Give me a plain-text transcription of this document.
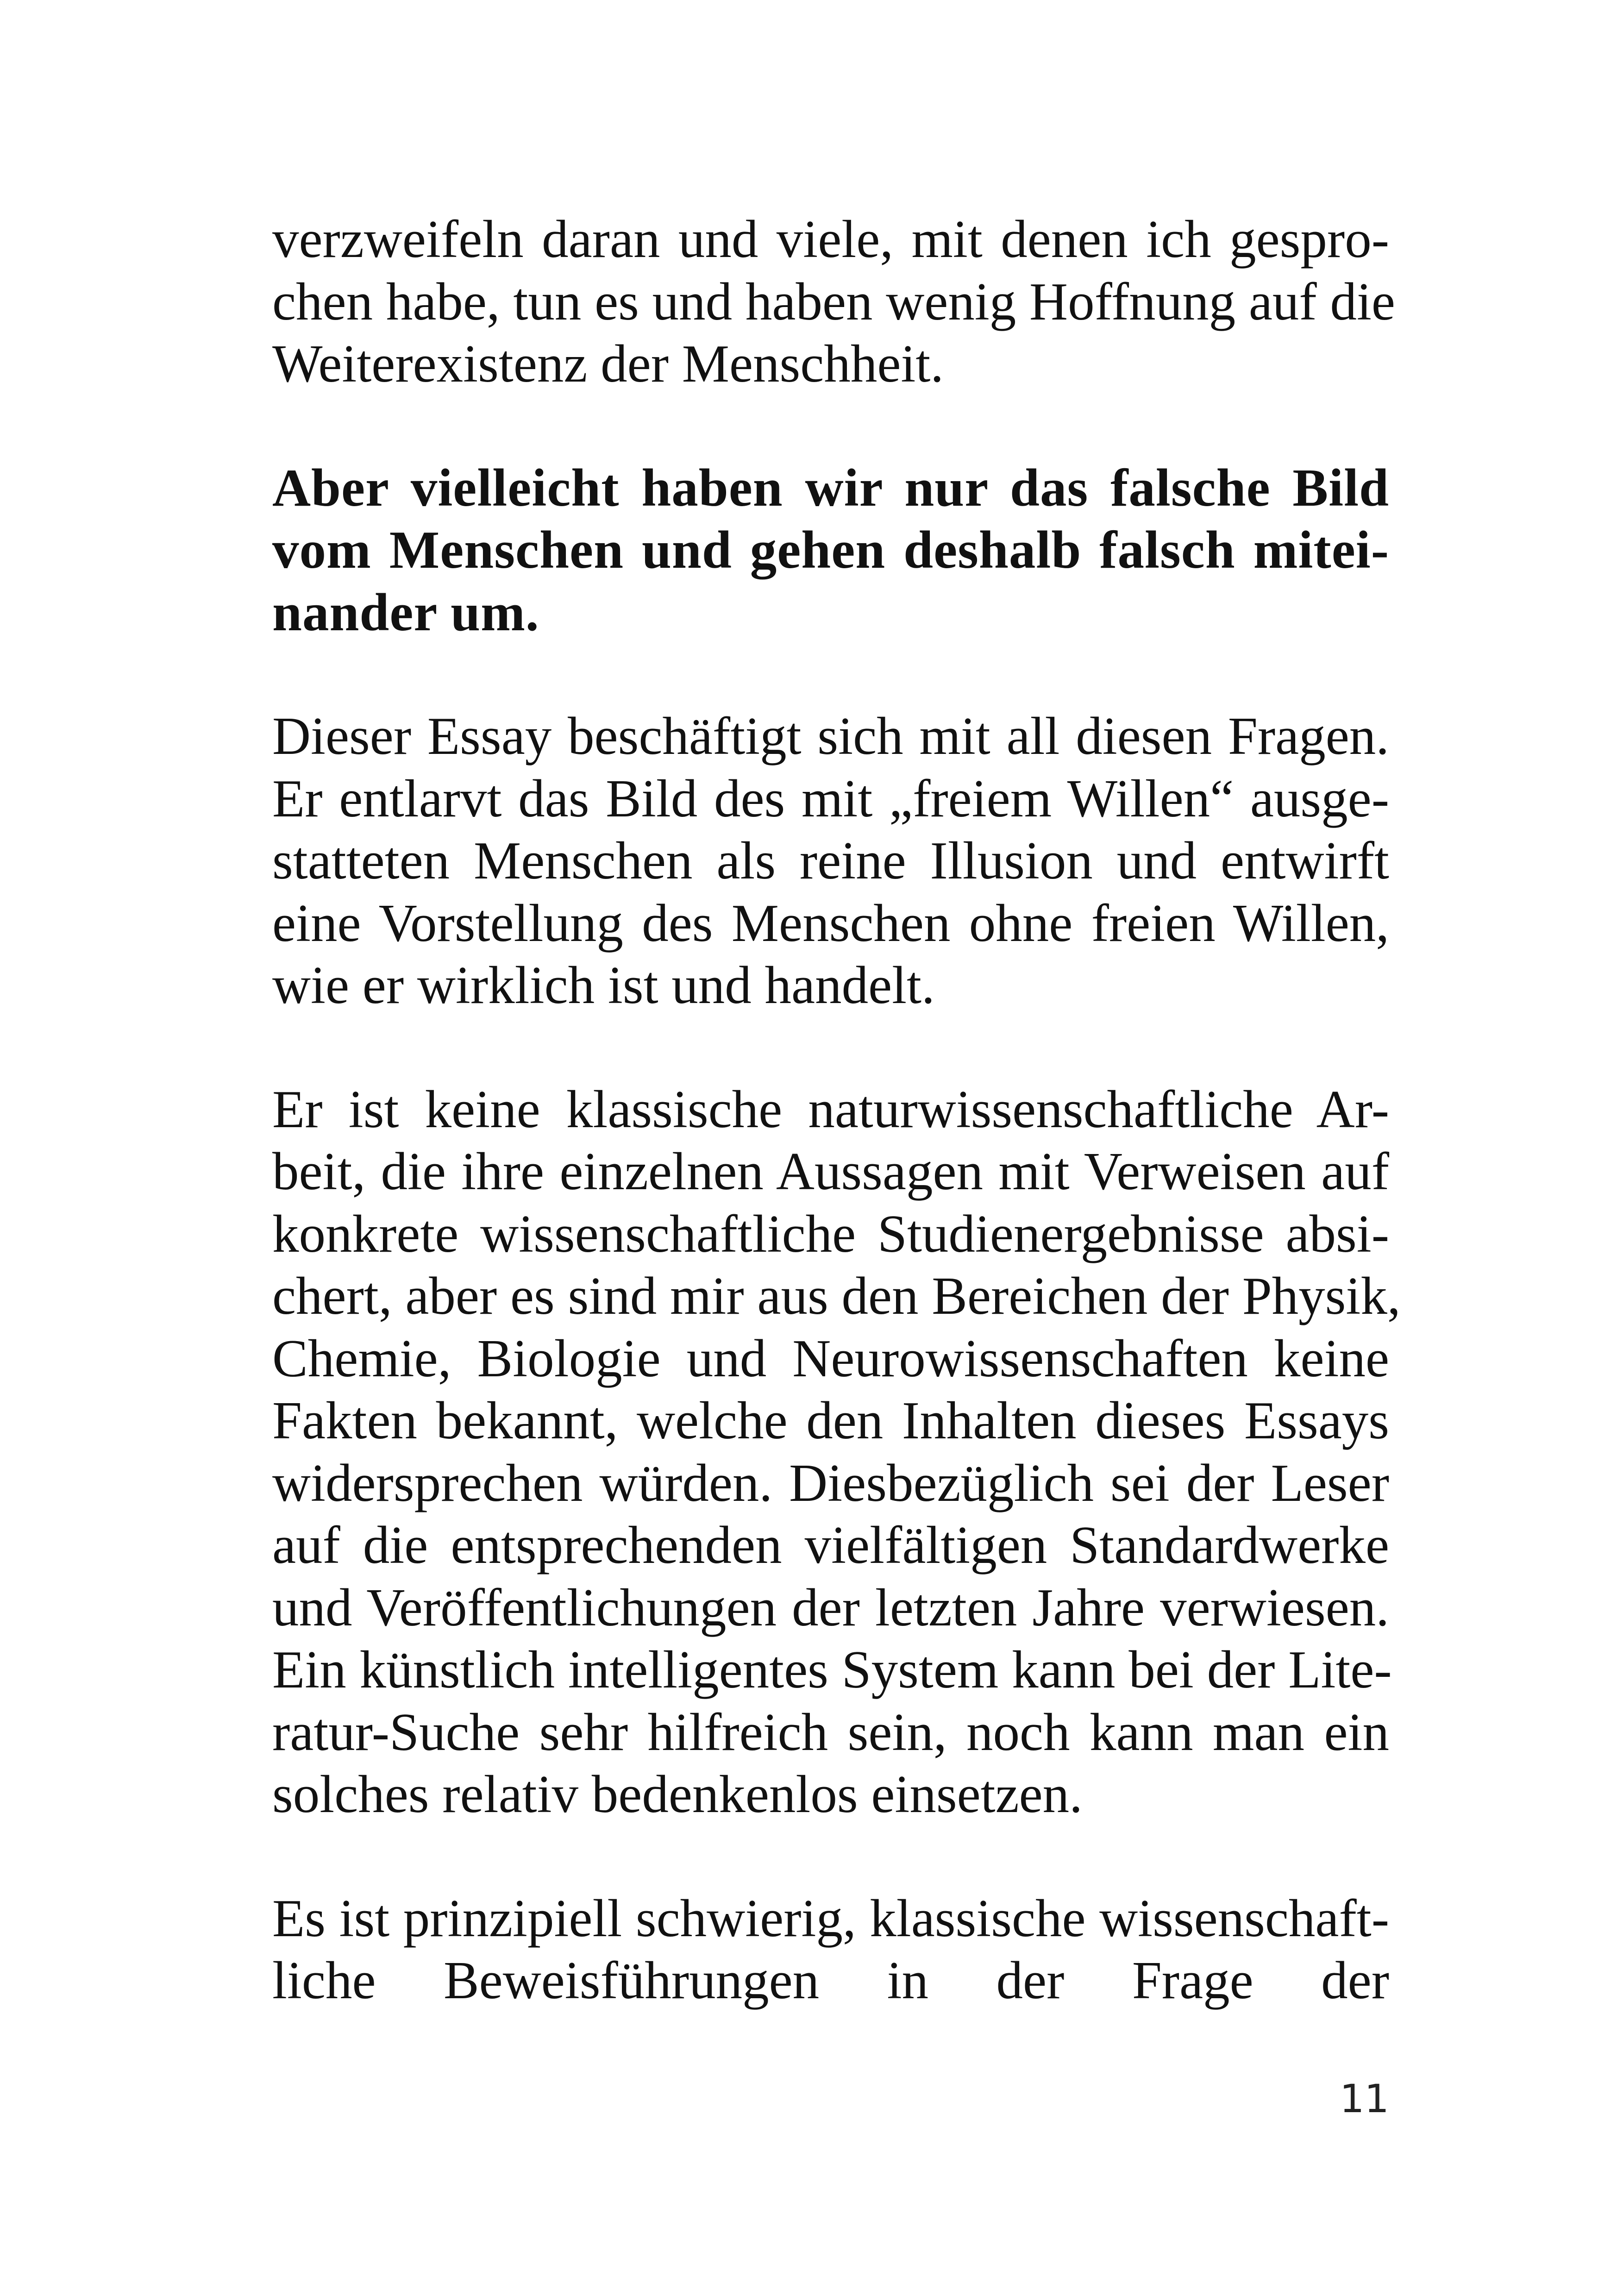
verzweifeln daran und viele, mit denen ich gespro-
chen habe, tun es und haben wenig Hoffnung auf die
Weiterexistenz der Menschheit.
Aber vielleicht haben wir nur das falsche Bild
vom Menschen und gehen deshalb falsch mitei-
nander um.
Dieser Essay beschäftigt sich mit all diesen Fragen.
Er entlarvt das Bild des mit „freiem Willen“ ausge-
statteten Menschen als reine Illusion und entwirft
eine Vorstellung des Menschen ohne freien Willen,
wie er wirklich ist und handelt.
Er ist keine klassische naturwissenschaftliche Ar-
beit, die ihre einzelnen Aussagen mit Verweisen auf
konkrete wissenschaftliche Studienergebnisse absi-
chert, aber es sind mir aus den Bereichen der Physik,
Chemie, Biologie und Neurowissenschaften keine
Fakten bekannt, welche den Inhalten dieses Essays
widersprechen würden. Diesbezüglich sei der Leser
auf die entsprechenden vielfältigen Standardwerke
und Veröffentlichungen der letzten Jahre verwiesen.
Ein künstlich intelligentes System kann bei der Lite-
ratur-Suche sehr hilfreich sein, noch kann man ein
solches relativ bedenkenlos einsetzen.
Es ist prinzipiell schwierig, klassische wissenschaft-
liche Beweisführungen in der Frage der
11
